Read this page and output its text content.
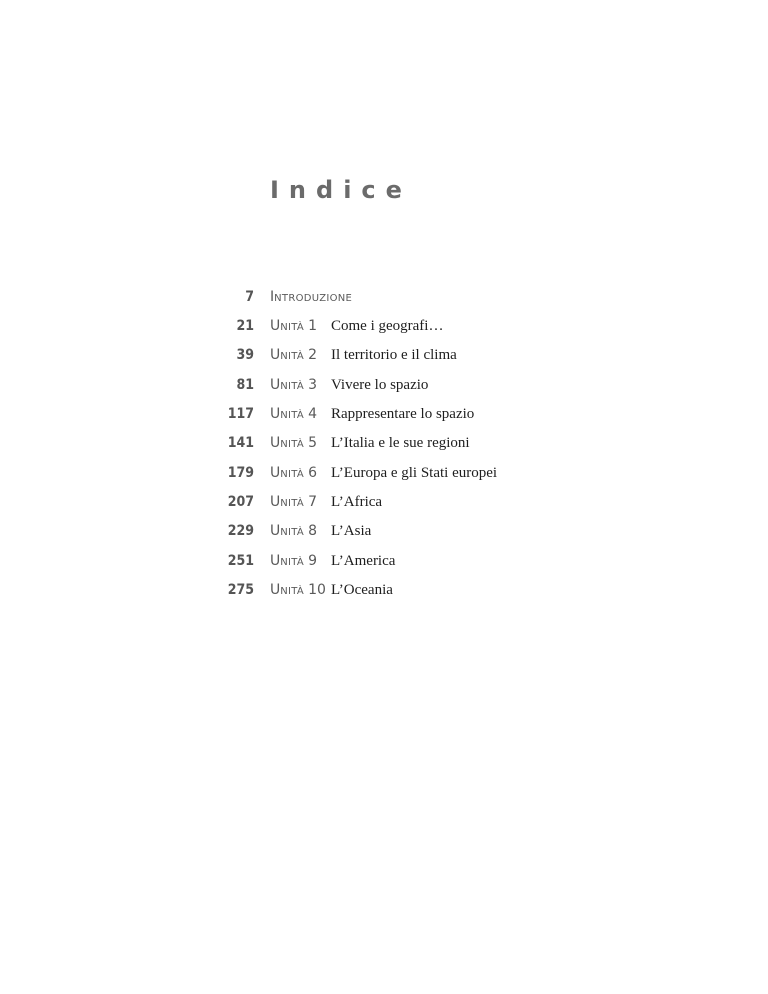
Indice
7 INTRODUZIONE
21 UNITÀ 1 Come i geografi…
39 UNITÀ 2 Il territorio e il clima
81 UNITÀ 3 Vivere lo spazio
117 UNITÀ 4 Rappresentare lo spazio
141 UNITÀ 5 L’Italia e le sue regioni
179 UNITÀ 6 L’Europa e gli Stati europei
207 UNITÀ 7 L’Africa
229 UNITÀ 8 L’Asia
251 UNITÀ 9 L’America
275 UNITÀ 10 L’Oceania
